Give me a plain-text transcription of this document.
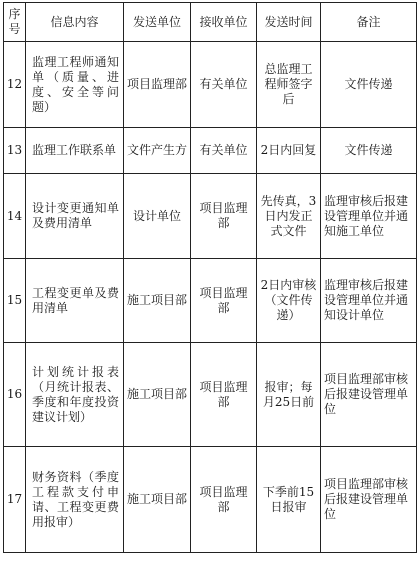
序号	信息内容	发送单位	接收单位	发送时间	备注
12	监理工程师通知单（质量、进度、安全等问题）	项目监理部	有关单位	总监理工程师签字后	文件传递
13	监理工作联系单	文件产生方	有关单位	2日内回复	文件传递
14	设计变更通知单及费用清单	设计单位	项目监理部	先传真，3日内发正式文件	监理审核后报建设管理单位并通知施工单位
15	工程变更单及费用清单	施工项目部	项目监理部	2日内审核（文件传递）	监理审核后报建设管理单位并通知设计单位
16	计划统计报表（月统计报表、季度和年度投资建议计划）	施工项目部	项目监理部	报审；每月25日前	项目监理部审核后报建设管理单位
17	财务资料（季度工程款支付申请、工程变更费用报审）	施工项目部	项目监理部	下季前15日报审	项目监理部审核后报建设管理单位
